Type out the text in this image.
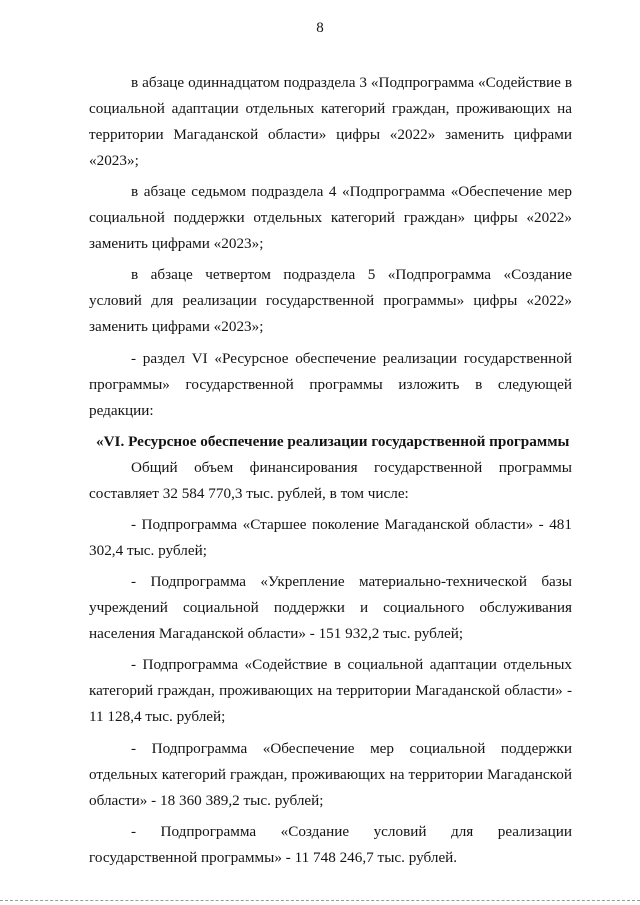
8

в абзаце одиннадцатом подраздела 3 «Подпрограмма «Содействие в социальной адаптации отдельных категорий граждан, проживающих на территории Магаданской области» цифры «2022» заменить цифрами «2023»;

в абзаце седьмом подраздела 4 «Подпрограмма «Обеспечение мер социальной поддержки отдельных категорий граждан» цифры «2022» заменить цифрами «2023»;

в абзаце четвертом подраздела 5 «Подпрограмма «Создание условий для реализации государственной программы» цифры «2022» заменить цифрами «2023»;

- раздел VI «Ресурсное обеспечение реализации государственной программы» государственной программы изложить в следующей редакции:

«VI. Ресурсное обеспечение реализации государственной программы

Общий объем финансирования государственной программы составляет 32 584 770,3 тыс. рублей, в том числе:

- Подпрограмма «Старшее поколение Магаданской области» - 481 302,4 тыс. рублей;

- Подпрограмма «Укрепление материально-технической базы учреждений социальной поддержки и социального обслуживания населения Магаданской области» - 151 932,2 тыс. рублей;

- Подпрограмма «Содействие в социальной адаптации отдельных категорий граждан, проживающих на территории Магаданской области» - 11 128,4 тыс. рублей;

- Подпрограмма «Обеспечение мер социальной поддержки отдельных категорий граждан, проживающих на территории Магаданской области» - 18 360 389,2 тыс. рублей;

- Подпрограмма «Создание условий для реализации государственной программы» - 11 748 246,7 тыс. рублей.
